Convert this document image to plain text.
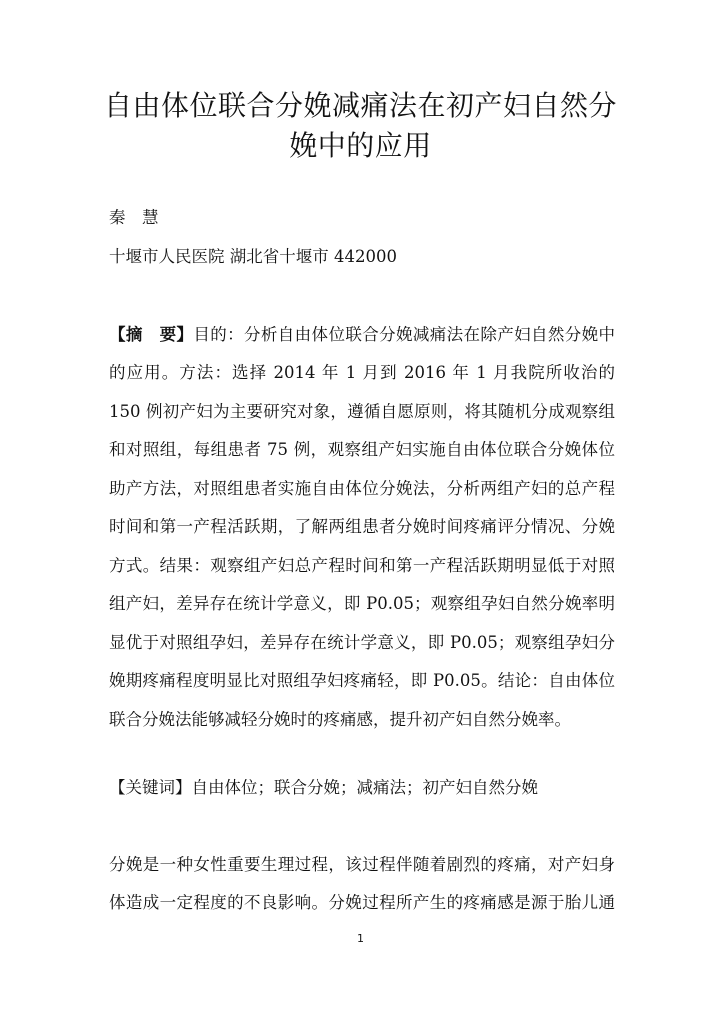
自由体位联合分娩减痛法在初产妇自然分
娩中的应用
秦　慧
十堰市人民医院 湖北省十堰市 442000
【摘　要】目的：分析自由体位联合分娩减痛法在除产妇自然分娩中
的应用。方法：选择 2014 年 1 月到 2016 年 1 月我院所收治的
150 例初产妇为主要研究对象，遵循自愿原则，将其随机分成观察组
和对照组，每组患者 75 例，观察组产妇实施自由体位联合分娩体位
助产方法，对照组患者实施自由体位分娩法，分析两组产妇的总产程
时间和第一产程活跃期，了解两组患者分娩时间疼痛评分情况、分娩
方式。结果：观察组产妇总产程时间和第一产程活跃期明显低于对照
组产妇，差异存在统计学意义，即 P0.05；观察组孕妇自然分娩率明
显优于对照组孕妇，差异存在统计学意义，即 P0.05；观察组孕妇分
娩期疼痛程度明显比对照组孕妇疼痛轻，即 P0.05。结论：自由体位
联合分娩法能够减轻分娩时的疼痛感，提升初产妇自然分娩率。
【关键词】自由体位；联合分娩；减痛法；初产妇自然分娩
分娩是一种女性重要生理过程，该过程伴随着剧烈的疼痛，对产妇身
体造成一定程度的不良影响。分娩过程所产生的疼痛感是源于胎儿通
1
